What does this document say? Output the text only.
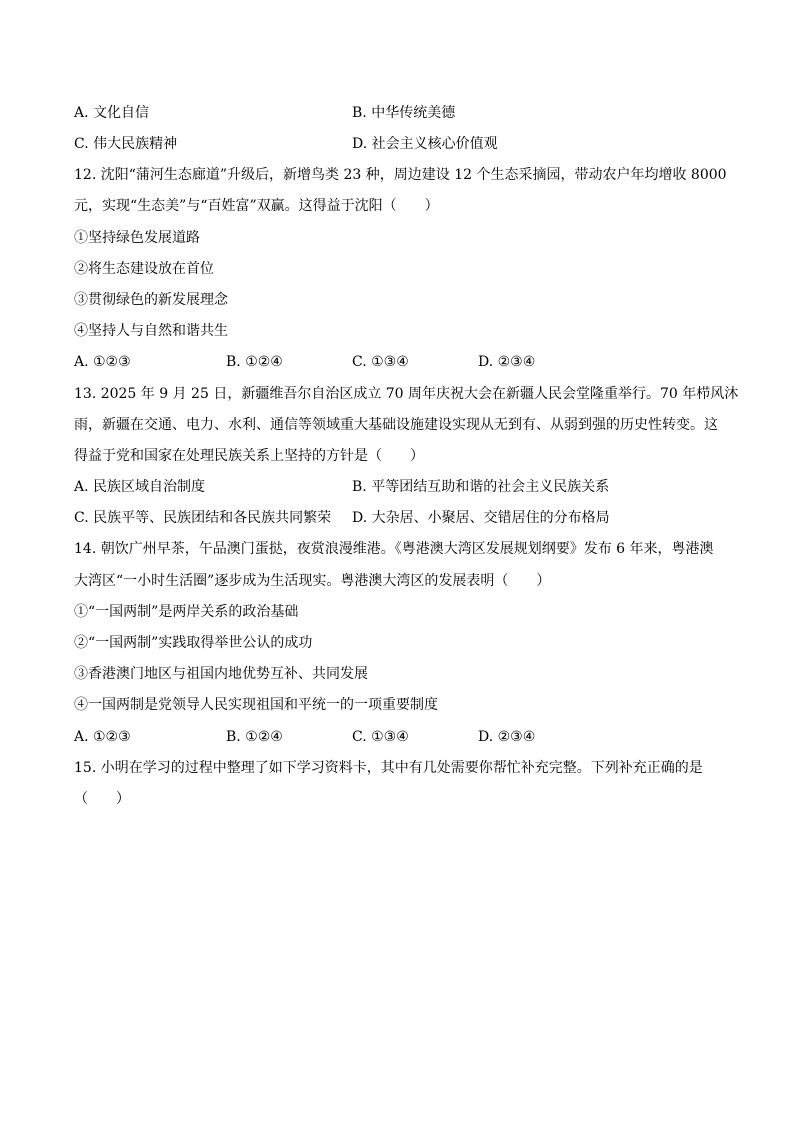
A. 文化自信	B. 中华传统美德
C. 伟大民族精神	D. 社会主义核心价值观
12. 沈阳“蒲河生态廊道”升级后，新增鸟类 23 种，周边建设 12 个生态采摘园，带动农户年均增收 8000
元，实现“生态美”与“百姓富”双赢。这得益于沈阳（　　）
①坚持绿色发展道路
②将生态建设放在首位
③贯彻绿色的新发展理念
④坚持人与自然和谐共生
A. ①②③	B. ①②④	C. ①③④	D. ②③④
13. 2025 年 9 月 25 日，新疆维吾尔自治区成立 70 周年庆祝大会在新疆人民会堂隆重举行。70 年栉风沐
雨，新疆在交通、电力、水利、通信等领域重大基础设施建设实现从无到有、从弱到强的历史性转变。这
得益于党和国家在处理民族关系上坚持的方针是（　　）
A. 民族区域自治制度	B. 平等团结互助和谐的社会主义民族关系
C. 民族平等、民族团结和各民族共同繁荣 D. 大杂居、小聚居、交错居住的分布格局
14. 朝饮广州早茶，午品澳门蛋挞，夜赏浪漫维港。《粤港澳大湾区发展规划纲要》发布 6 年来，粤港澳
大湾区“一小时生活圈”逐步成为生活现实。粤港澳大湾区的发展表明（　　）
①“一国两制”是两岸关系的政治基础
②“一国两制”实践取得举世公认的成功
③香港澳门地区与祖国内地优势互补、共同发展
④一国两制是党领导人民实现祖国和平统一的一项重要制度
A. ①②③	B. ①②④	C. ①③④	D. ②③④
15. 小明在学习的过程中整理了如下学习资料卡，其中有几处需要你帮忙补充完整。下列补充正确的是
（　　）
